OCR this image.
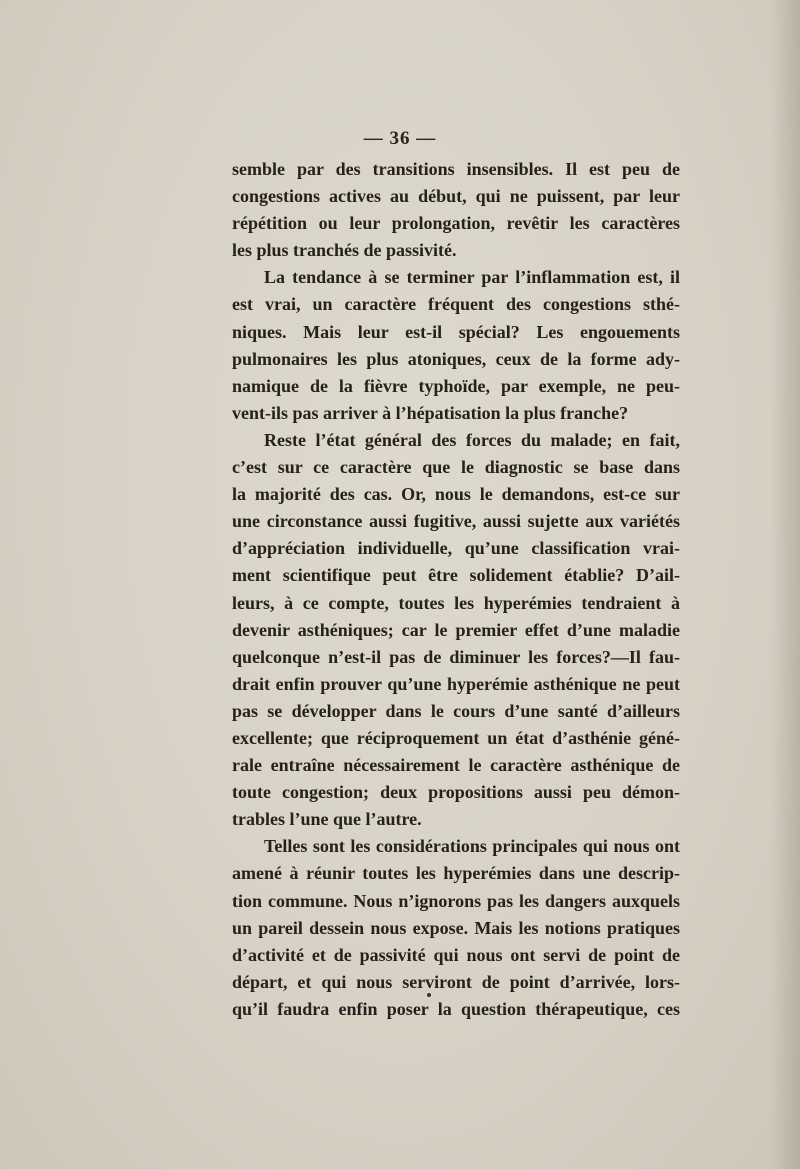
— 36 —
semble par des transitions insensibles. Il est peu de
congestions actives au début, qui ne puissent, par leur
répétition ou leur prolongation, revêtir les caractères
les plus tranchés de passivité.
La tendance à se terminer par l’inflammation est, il
est vrai, un caractère fréquent des congestions sthé-
niques. Mais leur est-il spécial? Les engouements
pulmonaires les plus atoniques, ceux de la forme ady-
namique de la fièvre typhoïde, par exemple, ne peu-
vent-ils pas arriver à l’hépatisation la plus franche?
Reste l’état général des forces du malade; en fait,
c’est sur ce caractère que le diagnostic se base dans
la majorité des cas. Or, nous le demandons, est-ce sur
une circonstance aussi fugitive, aussi sujette aux variétés
d’appréciation individuelle, qu’une classification vrai-
ment scientifique peut être solidement établie? D’ail-
leurs, à ce compte, toutes les hyperémies tendraient à
devenir asthéniques; car le premier effet d’une maladie
quelconque n’est-il pas de diminuer les forces?—Il fau-
drait enfin prouver qu’une hyperémie asthénique ne peut
pas se développer dans le cours d’une santé d’ailleurs
excellente; que réciproquement un état d’asthénie géné-
rale entraîne nécessairement le caractère asthénique de
toute congestion; deux propositions aussi peu démon-
trables l’une que l’autre.
Telles sont les considérations principales qui nous ont
amené à réunir toutes les hyperémies dans une descrip-
tion commune. Nous n’ignorons pas les dangers auxquels
un pareil dessein nous expose. Mais les notions pratiques
d’activité et de passivité qui nous ont servi de point de
départ, et qui nous serviront de point d’arrivée, lors-
qu’il faudra enfin poser la question thérapeutique, ces
